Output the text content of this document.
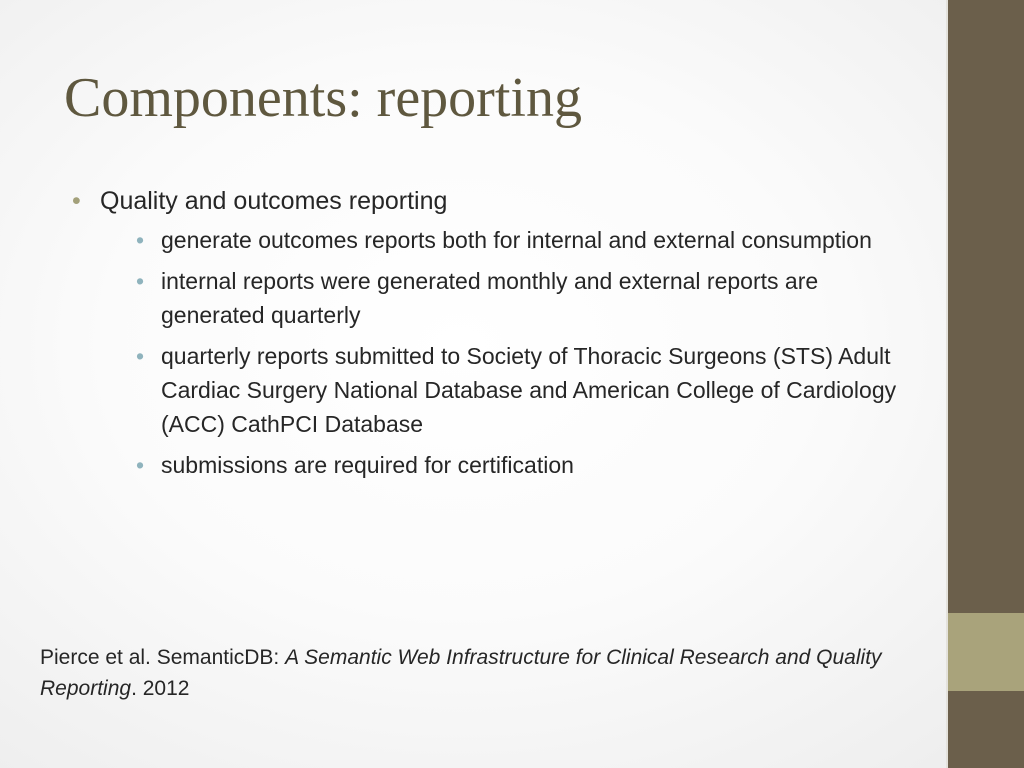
Components: reporting
• Quality and outcomes reporting
• generate outcomes reports both for internal and external consumption
• internal reports were generated monthly and external reports are generated quarterly
• quarterly reports submitted to Society of Thoracic Surgeons (STS) Adult Cardiac Surgery National Database and American College of Cardiology (ACC) CathPCI Database
• submissions are required for certification
Pierce et al. SemanticDB: A Semantic Web Infrastructure for Clinical Research and Quality Reporting. 2012
